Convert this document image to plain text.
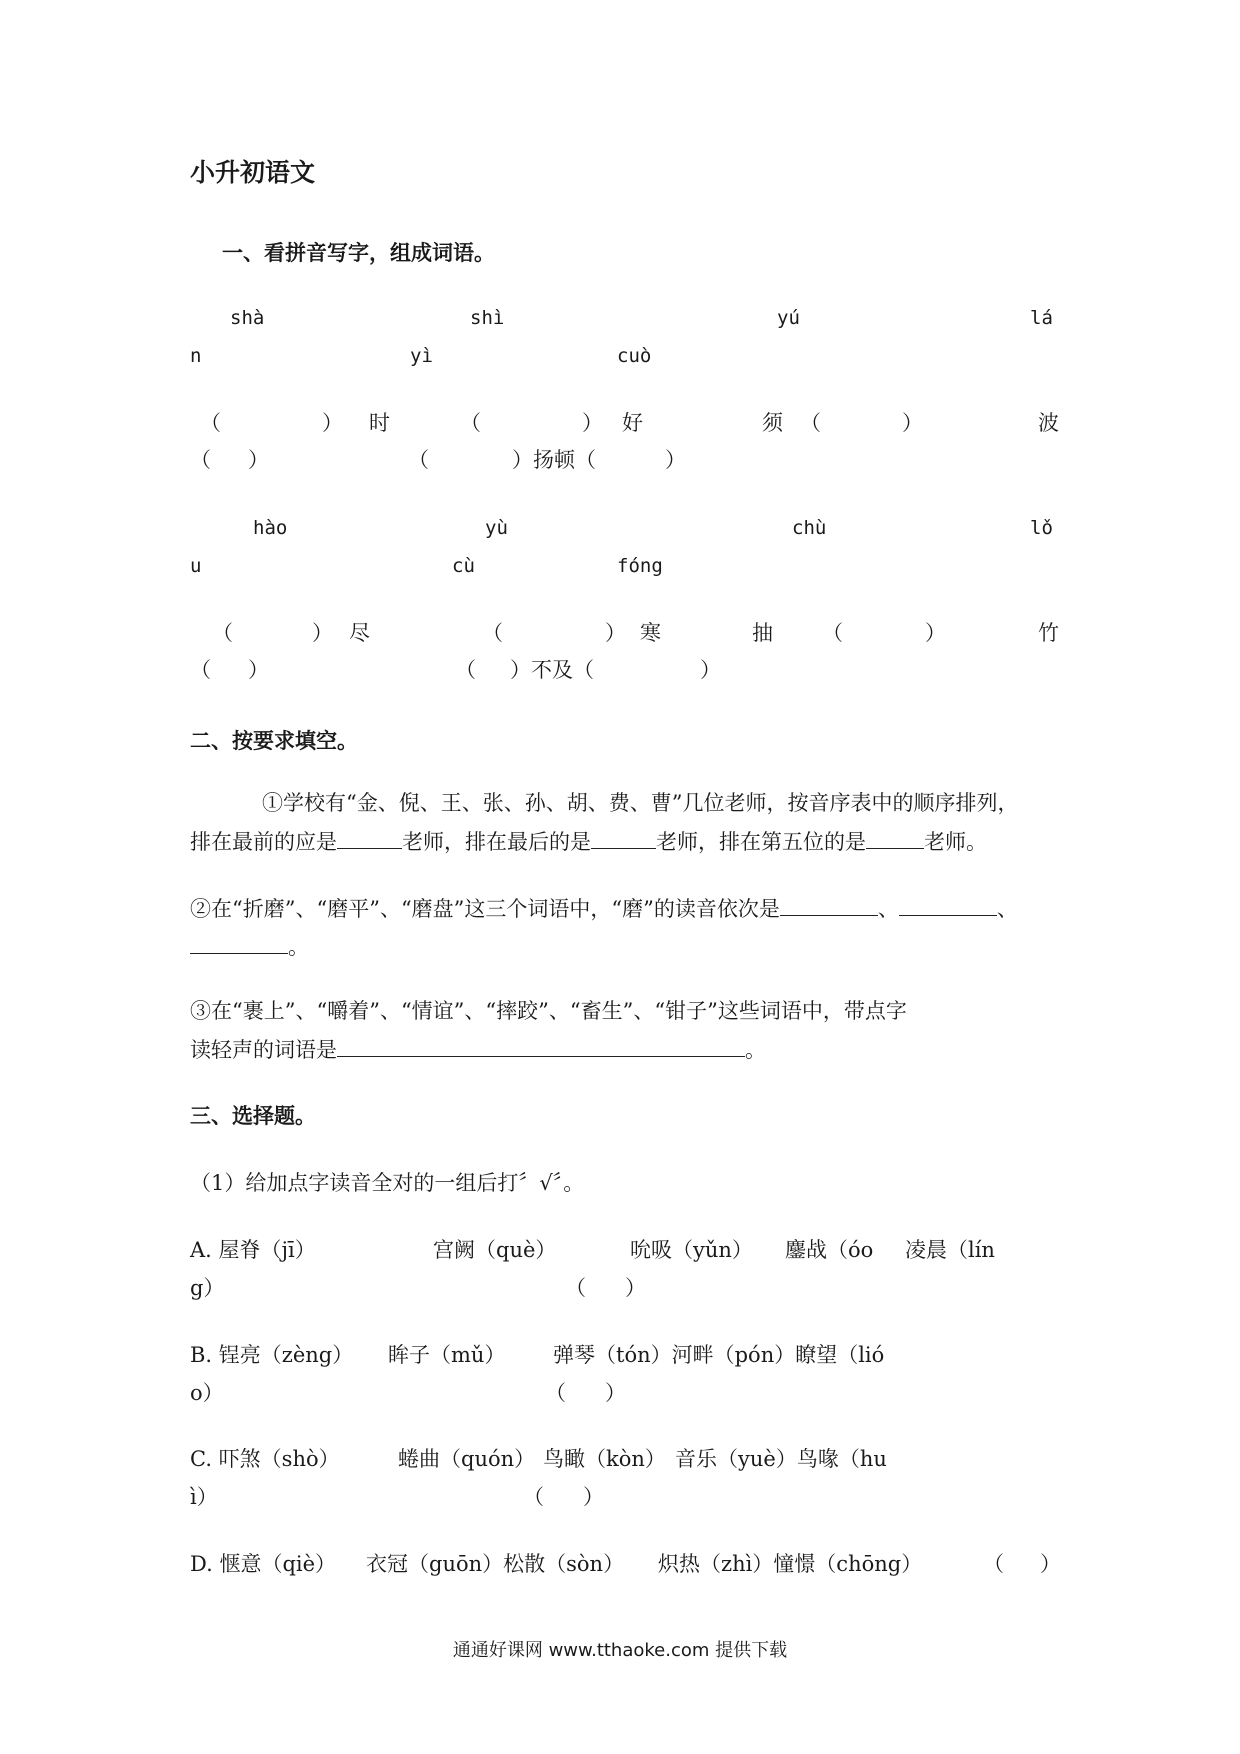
小升初语文
一、看拼音写字，组成词语。
shà	shì	yú	lá
n	yì	cuò
（	） 时	（	） 好	须 （	）	波
（ ）	（	）扬顿（	）
hào	yù	chù	lǒ
u	cù	fóng
（	） 尽	（	） 寒	抽 （	）	竹
（ ）	（ ）不及（	）
二、按要求填空。
①学校有“金、倪、王、张、孙、胡、费、曹”几位老师，按音序表中的顺序排列，
排在最前的应是	老师，排在最后的是	老师，排在第五位的是	老师。
②在“折磨”、“磨平”、“磨盘”这三个词语中，“磨”的读音依次是	、	、
。
③在“裹上”、“嚼着”、“情谊”、“摔跤”、“畜生”、“钳子”这些词语中，带点字
读轻声的词语是	。
三、选择题。
（1）给加点字读音全对的一组后打〞√〞。
A. 屋脊（jī）	宫阙（què）	吮吸（yǔn） 鏖战（óo 凌晨（lín
g）	（ ）
B. 锃亮（zèng） 眸子（mǔ） 弹琴（tón）河畔（pón）瞭望（lió
o）	（ ）
C. 吓煞（shò）	蜷曲（quón） 鸟瞰（kòn） 音乐（yuè）鸟喙（hu
ì）	（ ）
D. 惬意（qiè） 衣冠（guōn）松散（sòn） 炽热（zhì）憧憬（chōng）	（ ）
通通好课网 www.tthaoke.com 提供下载
